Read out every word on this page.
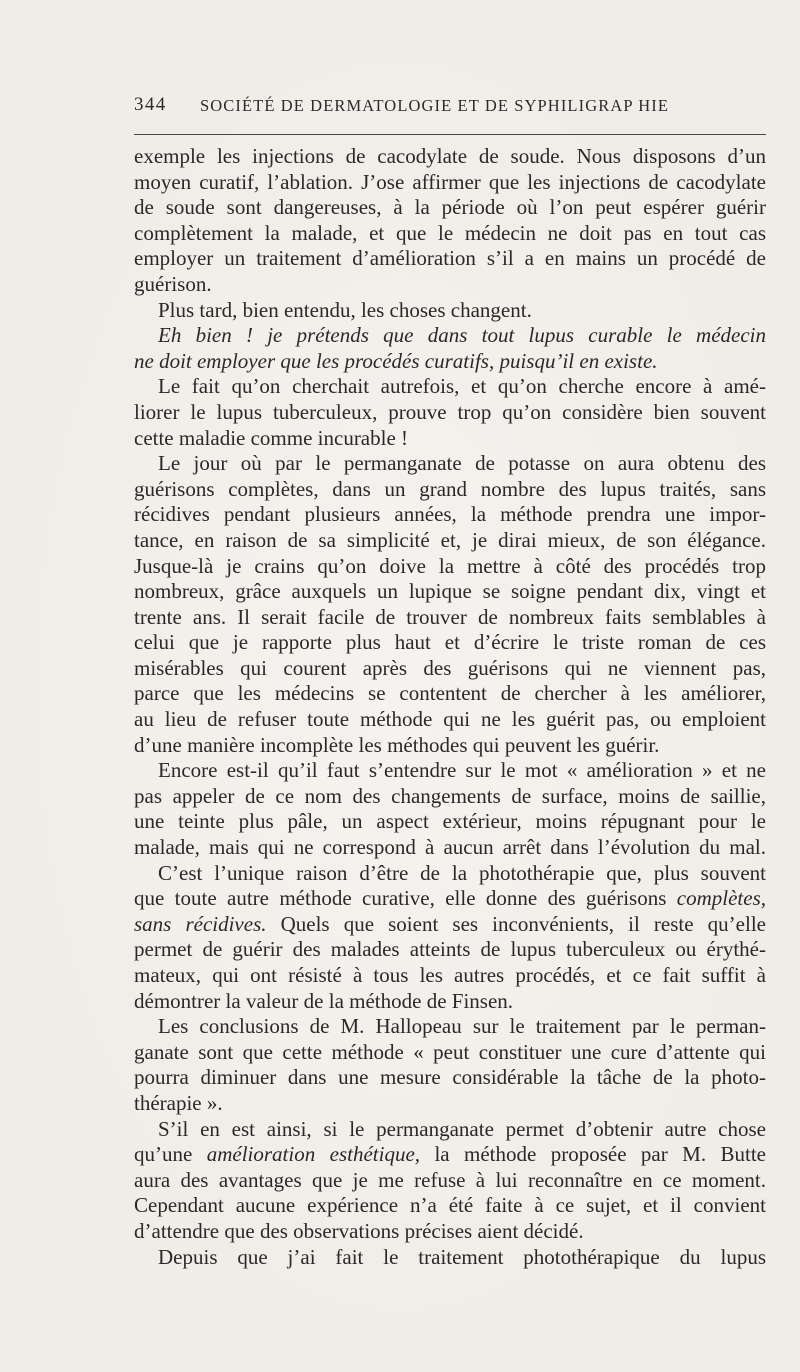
344 SOCIÉTÉ DE DERMATOLOGIE ET DE SYPHILIGRAP HIE
exemple les injections de cacodylate de soude. Nous disposons d’un
moyen curatif, l’ablation. J’ose affirmer que les injections de cacodylate
de soude sont dangereuses, à la période où l’on peut espérer guérir
complètement la malade, et que le médecin ne doit pas en tout cas
employer un traitement d’amélioration s’il a en mains un procédé de
guérison.
Plus tard, bien entendu, les choses changent.
Eh bien ! je prétends que dans tout lupus curable le médecin
ne doit employer que les procédés curatifs, puisqu’il en existe.
Le fait qu’on cherchait autrefois, et qu’on cherche encore à amé-
liorer le lupus tuberculeux, prouve trop qu’on considère bien souvent
cette maladie comme incurable !
Le jour où par le permanganate de potasse on aura obtenu des
guérisons complètes, dans un grand nombre des lupus traités, sans
récidives pendant plusieurs années, la méthode prendra une impor-
tance, en raison de sa simplicité et, je dirai mieux, de son élégance.
Jusque-là je crains qu’on doive la mettre à côté des procédés trop
nombreux, grâce auxquels un lupique se soigne pendant dix, vingt et
trente ans. Il serait facile de trouver de nombreux faits semblables à
celui que je rapporte plus haut et d’écrire le triste roman de ces
misérables qui courent après des guérisons qui ne viennent pas,
parce que les médecins se contentent de chercher à les améliorer,
au lieu de refuser toute méthode qui ne les guérit pas, ou emploient
d’une manière incomplète les méthodes qui peuvent les guérir.
Encore est-il qu’il faut s’entendre sur le mot « amélioration » et ne
pas appeler de ce nom des changements de surface, moins de saillie,
une teinte plus pâle, un aspect extérieur, moins répugnant pour le
malade, mais qui ne correspond à aucun arrêt dans l’évolution du mal.
C’est l’unique raison d’être de la photothérapie que, plus souvent
que toute autre méthode curative, elle donne des guérisons complètes,
sans récidives. Quels que soient ses inconvénients, il reste qu’elle
permet de guérir des malades atteints de lupus tuberculeux ou érythé-
mateux, qui ont résisté à tous les autres procédés, et ce fait suffit à
démontrer la valeur de la méthode de Finsen.
Les conclusions de M. Hallopeau sur le traitement par le perman-
ganate sont que cette méthode « peut constituer une cure d’attente qui
pourra diminuer dans une mesure considérable la tâche de la photo-
thérapie ».
S’il en est ainsi, si le permanganate permet d’obtenir autre chose
qu’une amélioration esthétique, la méthode proposée par M. Butte
aura des avantages que je me refuse à lui reconnaître en ce moment.
Cependant aucune expérience n’a été faite à ce sujet, et il convient
d’attendre que des observations précises aient décidé.
Depuis que j’ai fait le traitement photothérapique du lupus
